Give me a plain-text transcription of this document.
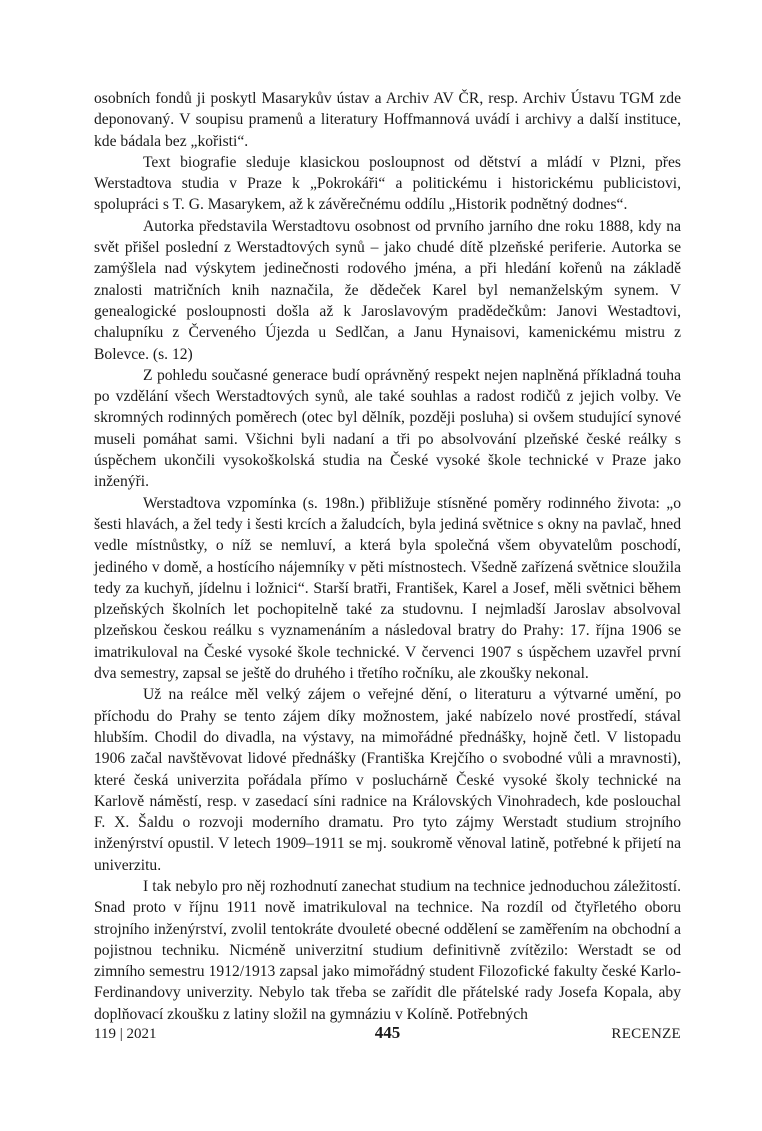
osobních fondů ji poskytl Masarykův ústav a Archiv AV ČR, resp. Archiv Ústavu TGM zde deponovaný. V soupisu pramenů a literatury Hoffmannová uvádí i archivy a další instituce, kde bádala bez „kořisti“.

Text biografie sleduje klasickou posloupnost od dětství a mládí v Plzni, přes Werstadtova studia v Praze k „Pokrokáři“ a politickému i historickému publicistovi, spolupráci s T. G. Masarykem, až k závěrečnému oddílu „Historik podnětný dodnes“.

Autorka představila Werstadtovu osobnost od prvního jarního dne roku 1888, kdy na svět přišel poslední z Werstadtových synů – jako chudé dítě plzeňské periferie. Autorka se zamýšlela nad výskytem jedinečnosti rodového jména, a při hledání kořenů na základě znalosti matričních knih naznačila, že dědeček Karel byl nemanželským synem. V genealogické posloupnosti došla až k Jaroslavovým pradědečkům: Janovi Westadtovi, chalupníku z Červeného Újezda u Sedlčan, a Janu Hynaisovi, kamenickému mistru z Bolevce. (s. 12)

Z pohledu současné generace budí oprávněný respekt nejen naplněná příkladná touha po vzdělání všech Werstadtových synů, ale také souhlas a radost rodičů z jejich volby. Ve skromných rodinných poměrech (otec byl dělník, později posluha) si ovšem studující synové museli pomáhat sami. Všichni byli nadaní a tři po absolvování plzeňské české reálky s úspěchem ukončili vysokoškolská studia na České vysoké škole technické v Praze jako inženýři.

Werstadtova vzpomínka (s. 198n.) přibližuje stísněné poměry rodinného života: „o šesti hlavách, a žel tedy i šesti krcích a žaludcích, byla jediná světnice s okny na pavlač, hned vedle místnůstky, o níž se nemluví, a která byla společná všem obyvatelům poschodí, jediného v domě, a hostícího nájemníky v pěti místnostech. Všedně zařízená světnice sloužila tedy za kuchyň, jídelnu i ložnici“. Starší bratři, František, Karel a Josef, měli světnici během plzeňských školních let pochopitelně také za studovnu. I nejmladší Jaroslav absolvoval plzeňskou českou reálku s vyznamenáním a následoval bratry do Prahy: 17. října 1906 se imatrikuloval na České vysoké škole technické. V červenci 1907 s úspěchem uzavřel první dva semestry, zapsal se ještě do druhého i třetího ročníku, ale zkoušky nekonal.

Už na reálce měl velký zájem o veřejné dění, o literaturu a výtvarné umění, po příchodu do Prahy se tento zájem díky možnostem, jaké nabízelo nové prostředí, stával hlubším. Chodil do divadla, na výstavy, na mimořádné přednášky, hojně četl. V listopadu 1906 začal navštěvovat lidové přednášky (Františka Krejčího o svobodné vůli a mravnosti), které česká univerzita pořádala přímo v posluchárně České vysoké školy technické na Karlově náměstí, resp. v zasedací síni radnice na Královských Vinohradech, kde poslouchal F. X. Šaldu o rozvoji moderního dramatu. Pro tyto zájmy Werstadt studium strojního inženýrství opustil. V letech 1909–1911 se mj. soukromě věnoval latině, potřebné k přijetí na univerzitu.

I tak nebylo pro něj rozhodnutí zanechat studium na technice jednoduchou záležitostí. Snad proto v říjnu 1911 nově imatrikuloval na technice. Na rozdíl od čtyřletého oboru strojního inženýrství, zvolil tentokráte dvouleté obecné oddělení se zaměřením na obchodní a pojistnou techniku. Nicméně univerzitní studium definitivně zvítězilo: Werstadt se od zimního semestru 1912/1913 zapsal jako mimořádný student Filozofické fakulty české Karlo-Ferdinandovy univerzity. Nebylo tak třeba se zařídit dle přátelské rady Josefa Kopala, aby doplňovací zkoušku z latiny složil na gymnáziu v Kolíně. Potřebných

119 | 2021	445	RECENZE
